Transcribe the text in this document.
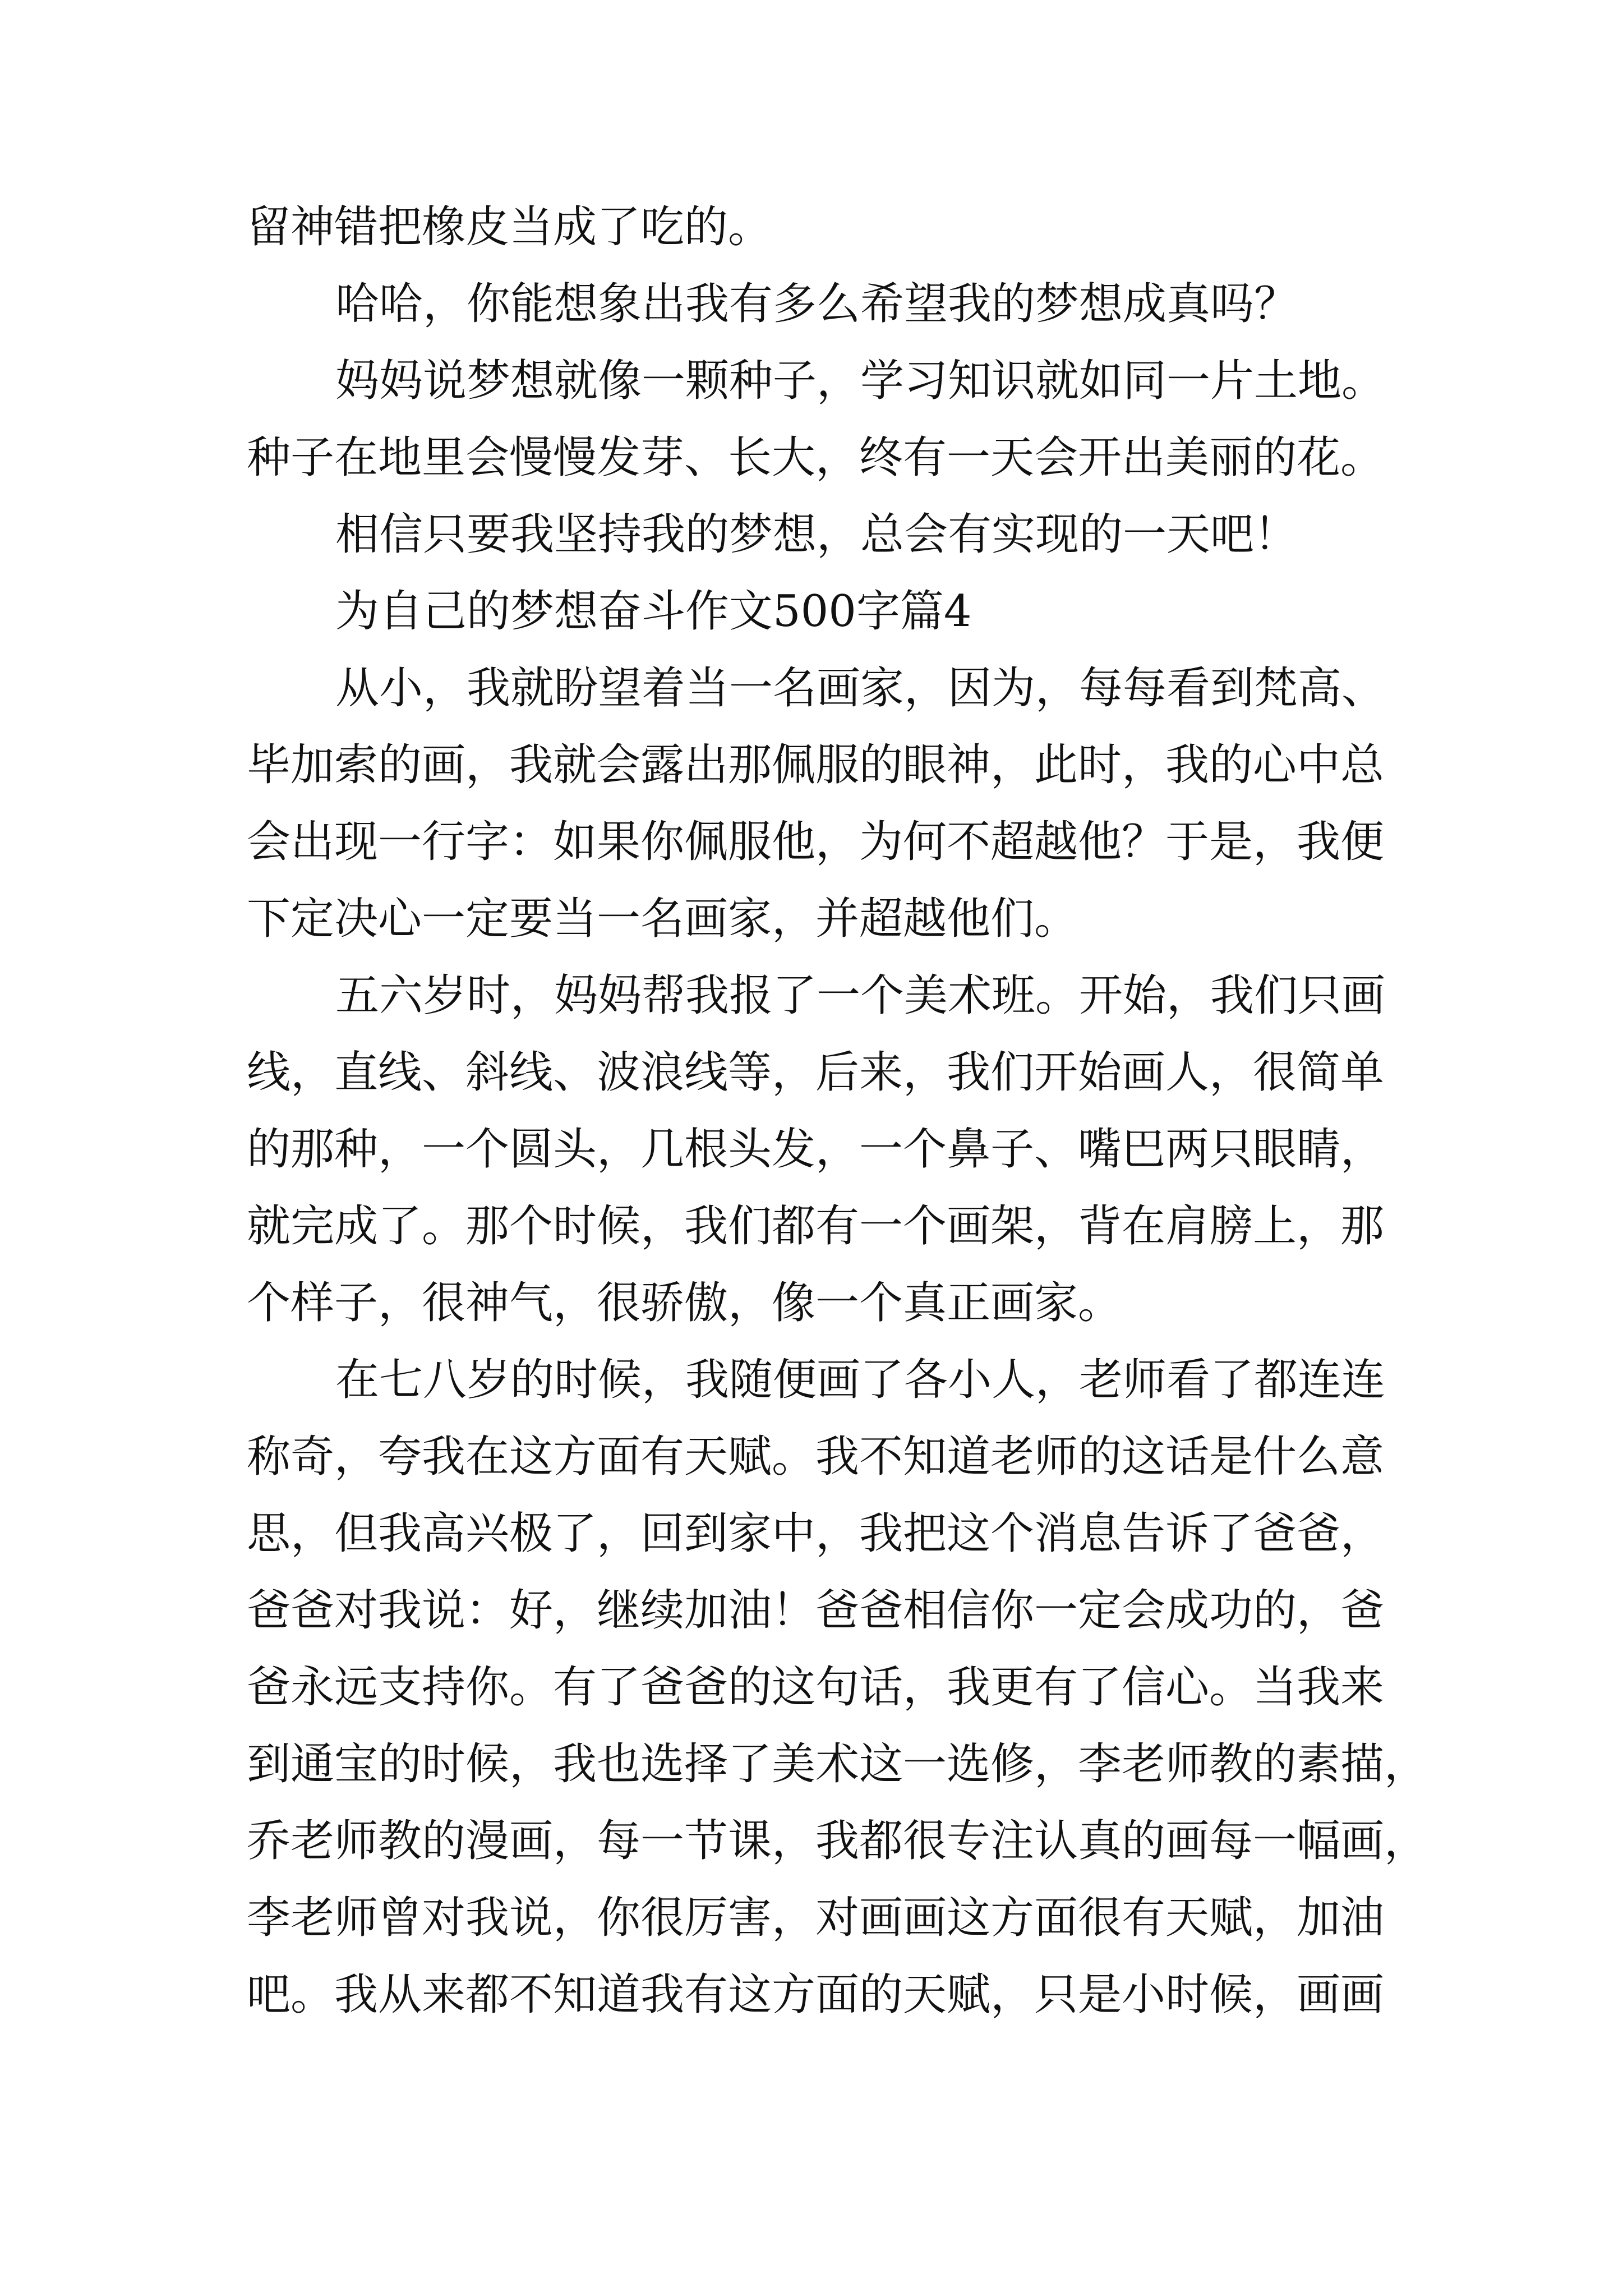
留神错把橡皮当成了吃的。
哈哈，你能想象出我有多么希望我的梦想成真吗？
妈妈说梦想就像一颗种子，学习知识就如同一片土地。
种子在地里会慢慢发芽、长大，终有一天会开出美丽的花。
相信只要我坚持我的梦想，总会有实现的一天吧！
为自己的梦想奋斗作文500字篇4
从小，我就盼望着当一名画家，因为，每每看到梵高、
毕加索的画，我就会露出那佩服的眼神，此时，我的心中总
会出现一行字：如果你佩服他，为何不超越他？于是，我便
下定决心一定要当一名画家，并超越他们。
五六岁时，妈妈帮我报了一个美术班。开始，我们只画
线，直线、斜线、波浪线等，后来，我们开始画人，很简单
的那种，一个圆头，几根头发，一个鼻子、嘴巴两只眼睛，
就完成了。那个时候，我们都有一个画架，背在肩膀上，那
个样子，很神气，很骄傲，像一个真正画家。
在七八岁的时候，我随便画了各小人，老师看了都连连
称奇，夸我在这方面有天赋。我不知道老师的这话是什么意
思，但我高兴极了，回到家中，我把这个消息告诉了爸爸，
爸爸对我说：好，继续加油！爸爸相信你一定会成功的，爸
爸永远支持你。有了爸爸的这句话，我更有了信心。当我来
到通宝的时候，我也选择了美术这一选修，李老师教的素描，
乔老师教的漫画，每一节课，我都很专注认真的画每一幅画，
李老师曾对我说，你很厉害，对画画这方面很有天赋，加油
吧。我从来都不知道我有这方面的天赋，只是小时候，画画
